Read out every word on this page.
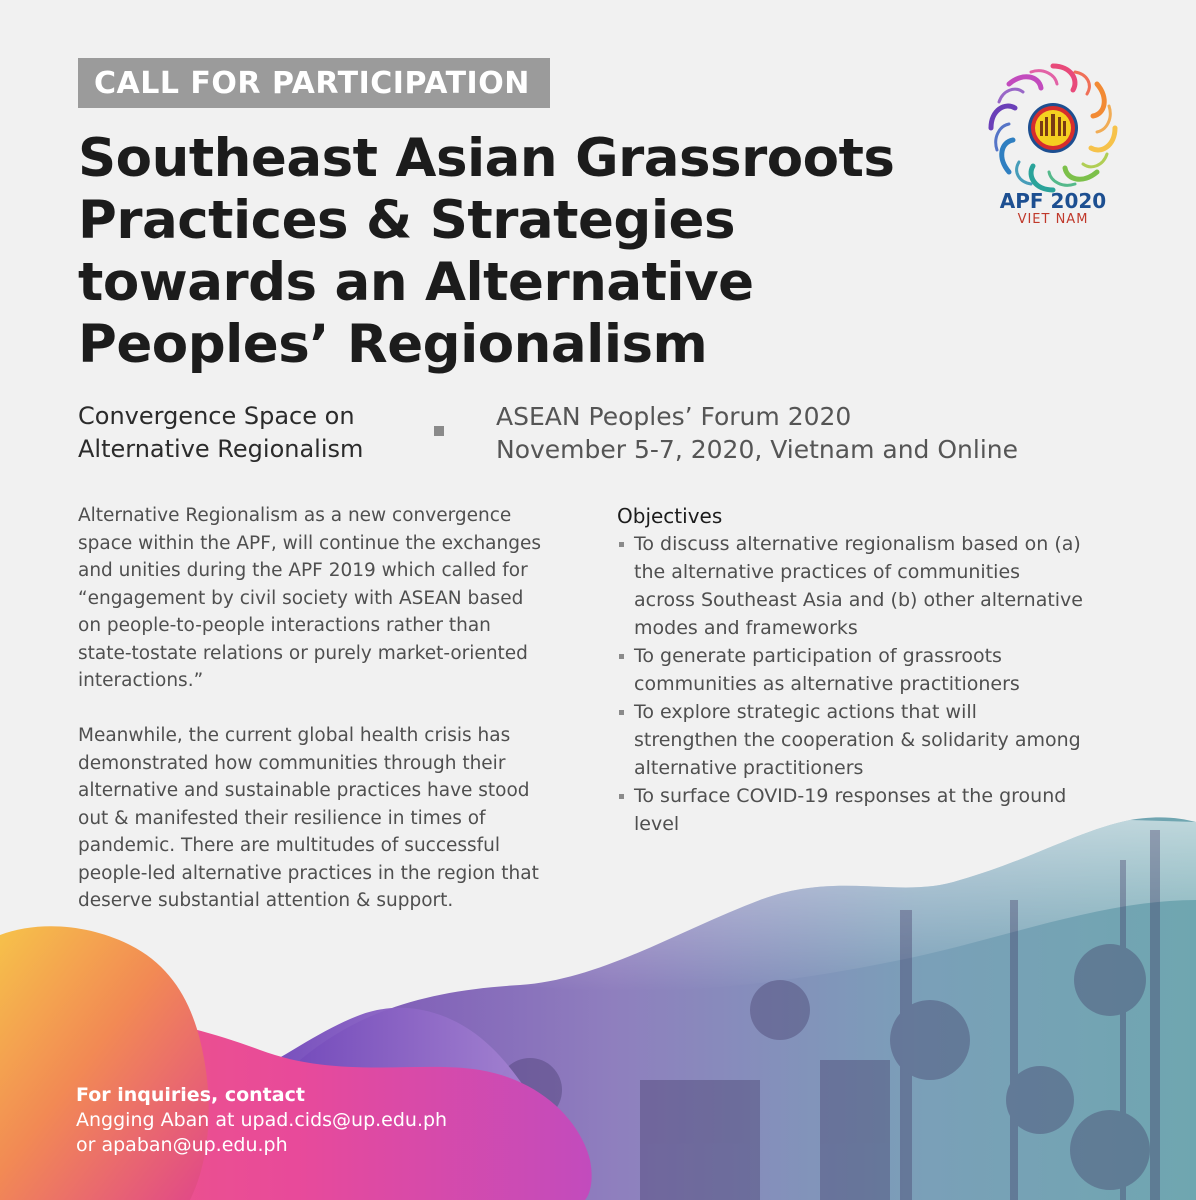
CALL FOR PARTICIPATION
Southeast Asian Grassroots
Practices & Strategies
towards an Alternative
Peoples’ Regionalism
APF 2020
VIET NAM
Convergence Space on
Alternative Regionalism
ASEAN Peoples’ Forum 2020
November 5-7, 2020, Vietnam and Online

Alternative Regionalism as a new convergence

space within the APF, will continue the exchanges

and unities during the APF 2019 which called for

“engagement by civil society with ASEAN based

on people-to-people interactions rather than

state-tostate relations or purely market-oriented

interactions.”

Meanwhile, the current global health crisis has

demonstrated how communities through their

alternative and sustainable practices have stood

out & manifested their resilience in times of

pandemic. There are multitudes of successful

people-led alternative practices in the region that

deserve substantial attention & support.

Objectives
To discuss alternative regionalism based on (a)
the alternative practices of communities
across Southeast Asia and (b) other alternative
modes and frameworks
To generate participation of grassroots
communities as alternative practitioners
To explore strategic actions that will
strengthen the cooperation & solidarity among
alternative practitioners
To surface COVID-19 responses at the ground
level
For inquiries, contact
Angging Aban at upad.cids@up.edu.ph
or apaban@up.edu.ph
